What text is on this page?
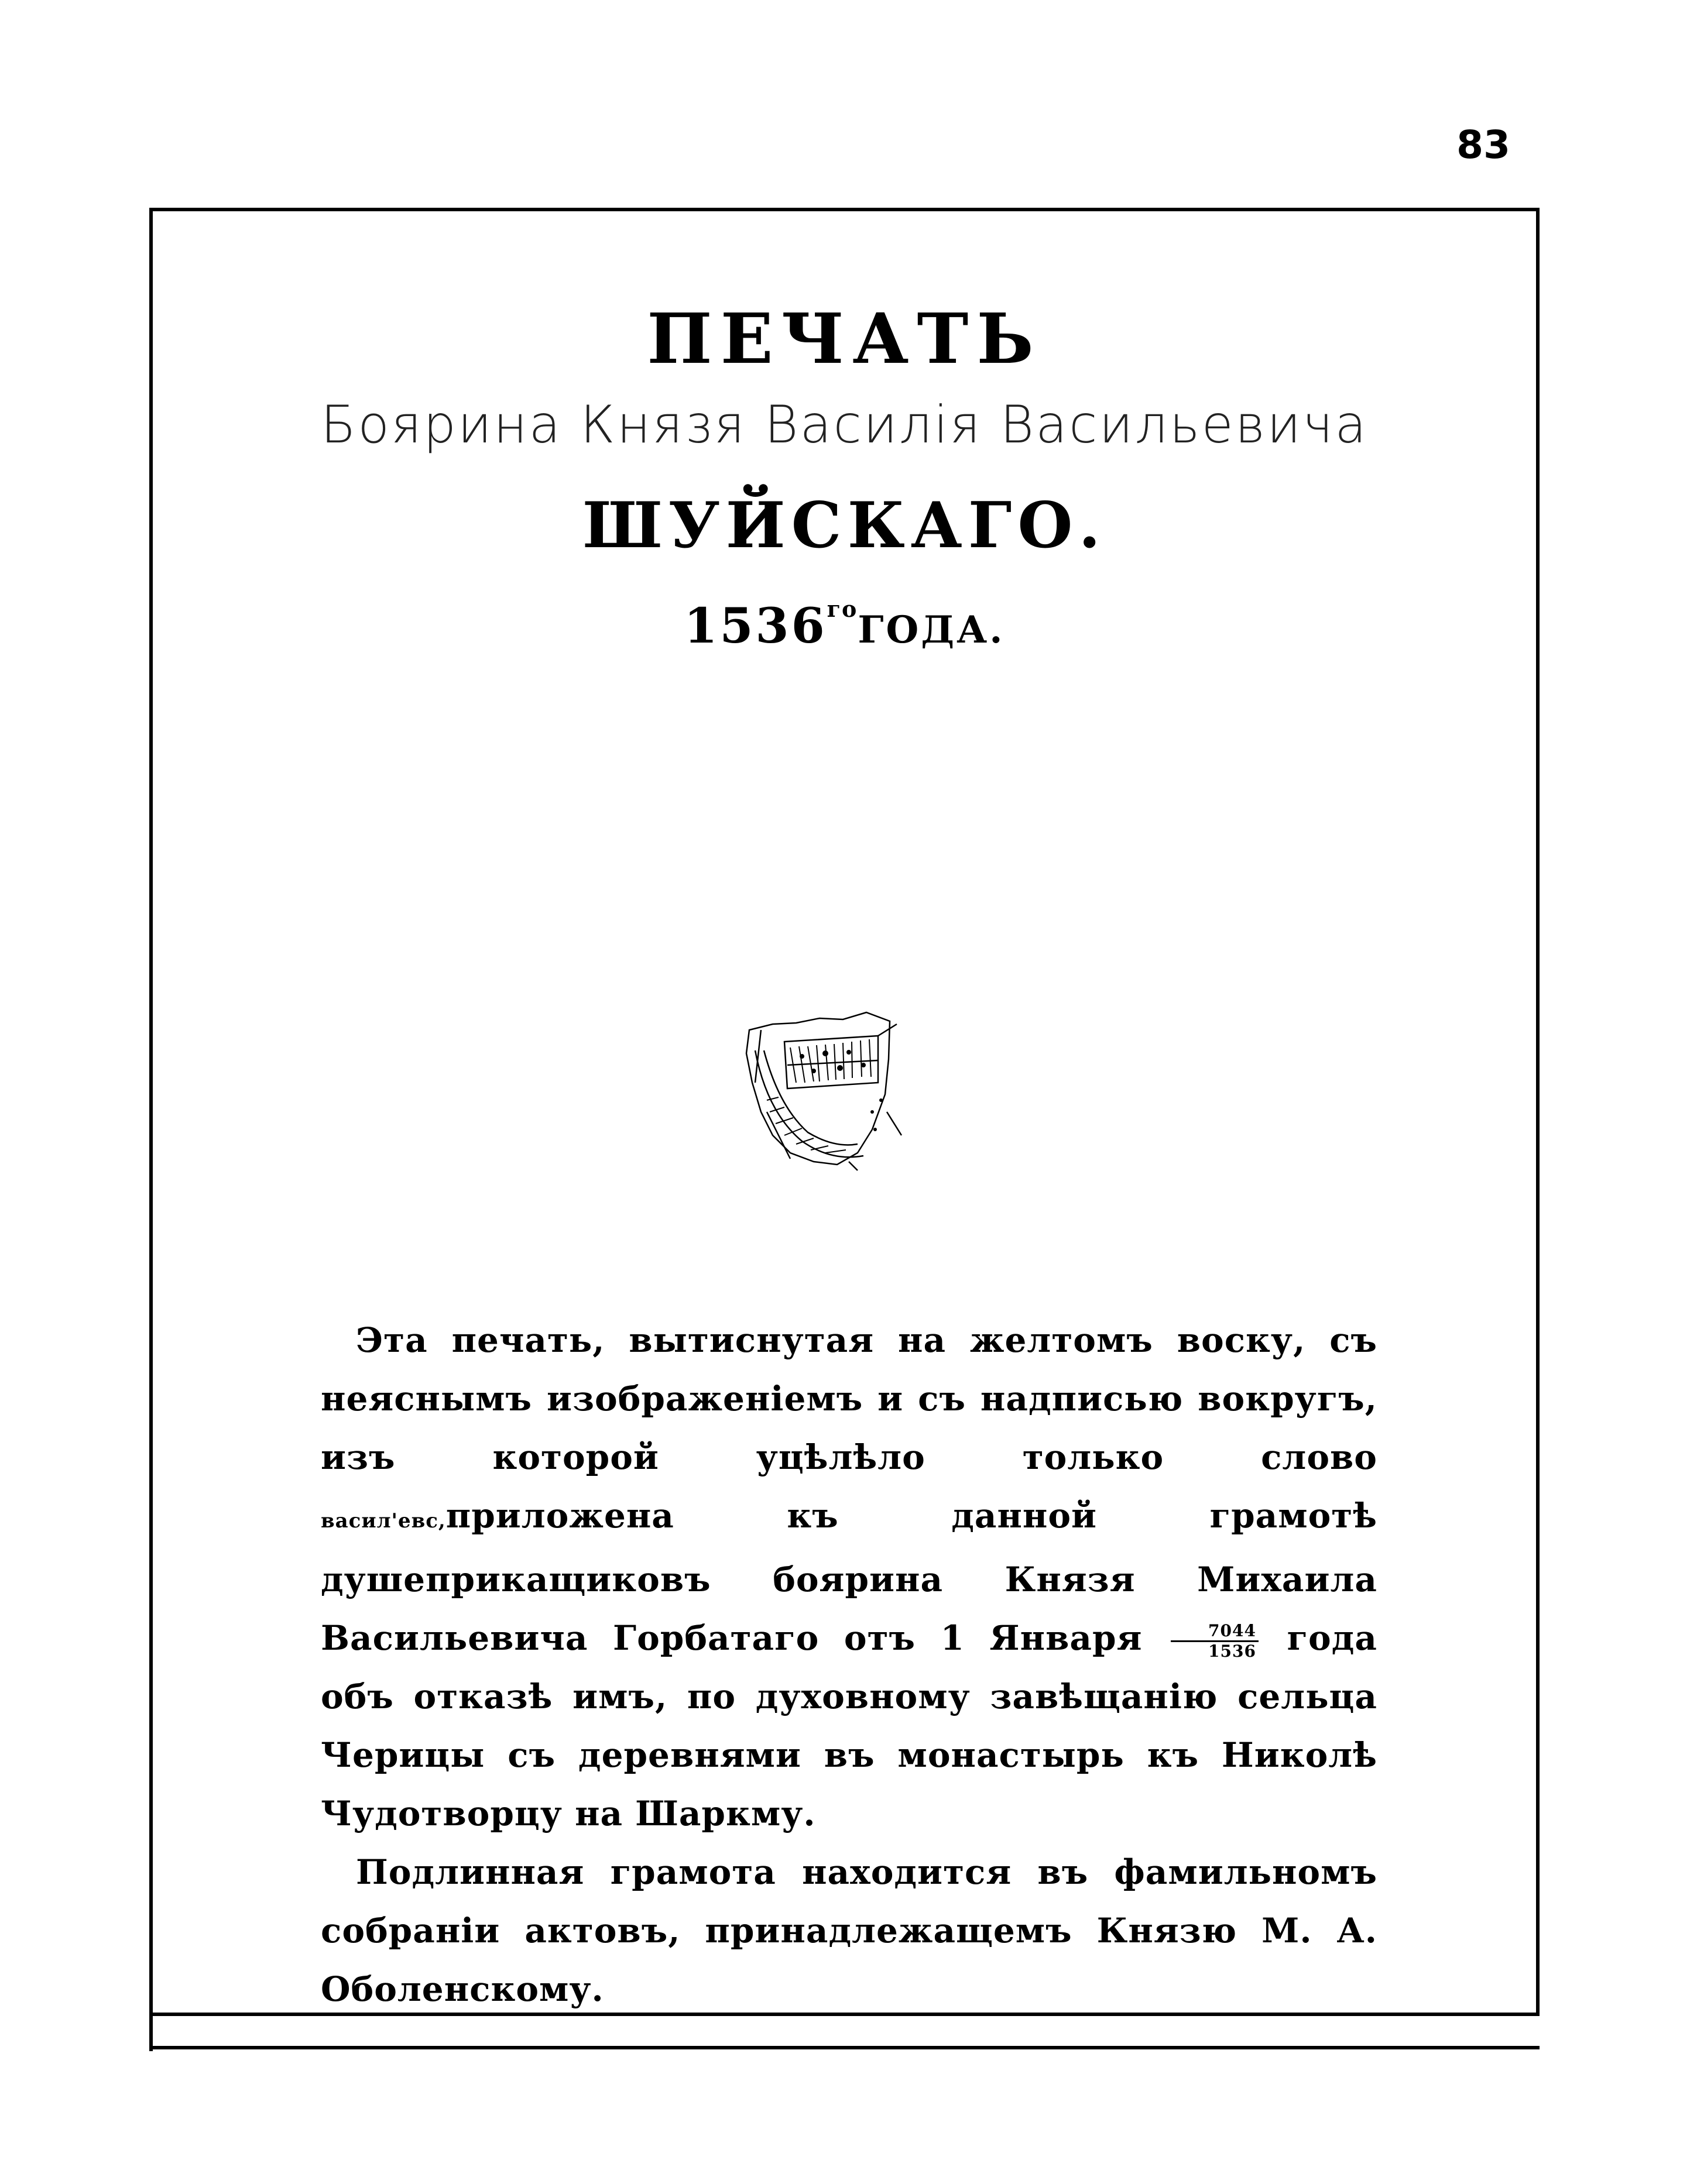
83
ПЕЧАТЬ
Боярина Князя Василія Васильевича
ШУЙСКАГО.
$1536^{го}ГОДА$.

Эта печать, вытиснутая на желтомъ воску, съ неяснымъ изображеніемъ и съ надписью вокругъ, изъ которой уцѣлѣло только слово васил'евс,приложена къ данной грамотѣ душеприкащиковъ боярина Князя Михаила Васильевича Горбатаго отъ 1 Января $\frac{7044}{1536}$ года объ отказѣ имъ, по духовному завѣщанію сельца Черицы съ деревнями въ монастырь къ Николѣ Чудотворцу на Шаркму.

Подлинная грамота находится въ фамильномъ собраніи актовъ, принадлежащемъ Князю М. А. Оболенскому.
